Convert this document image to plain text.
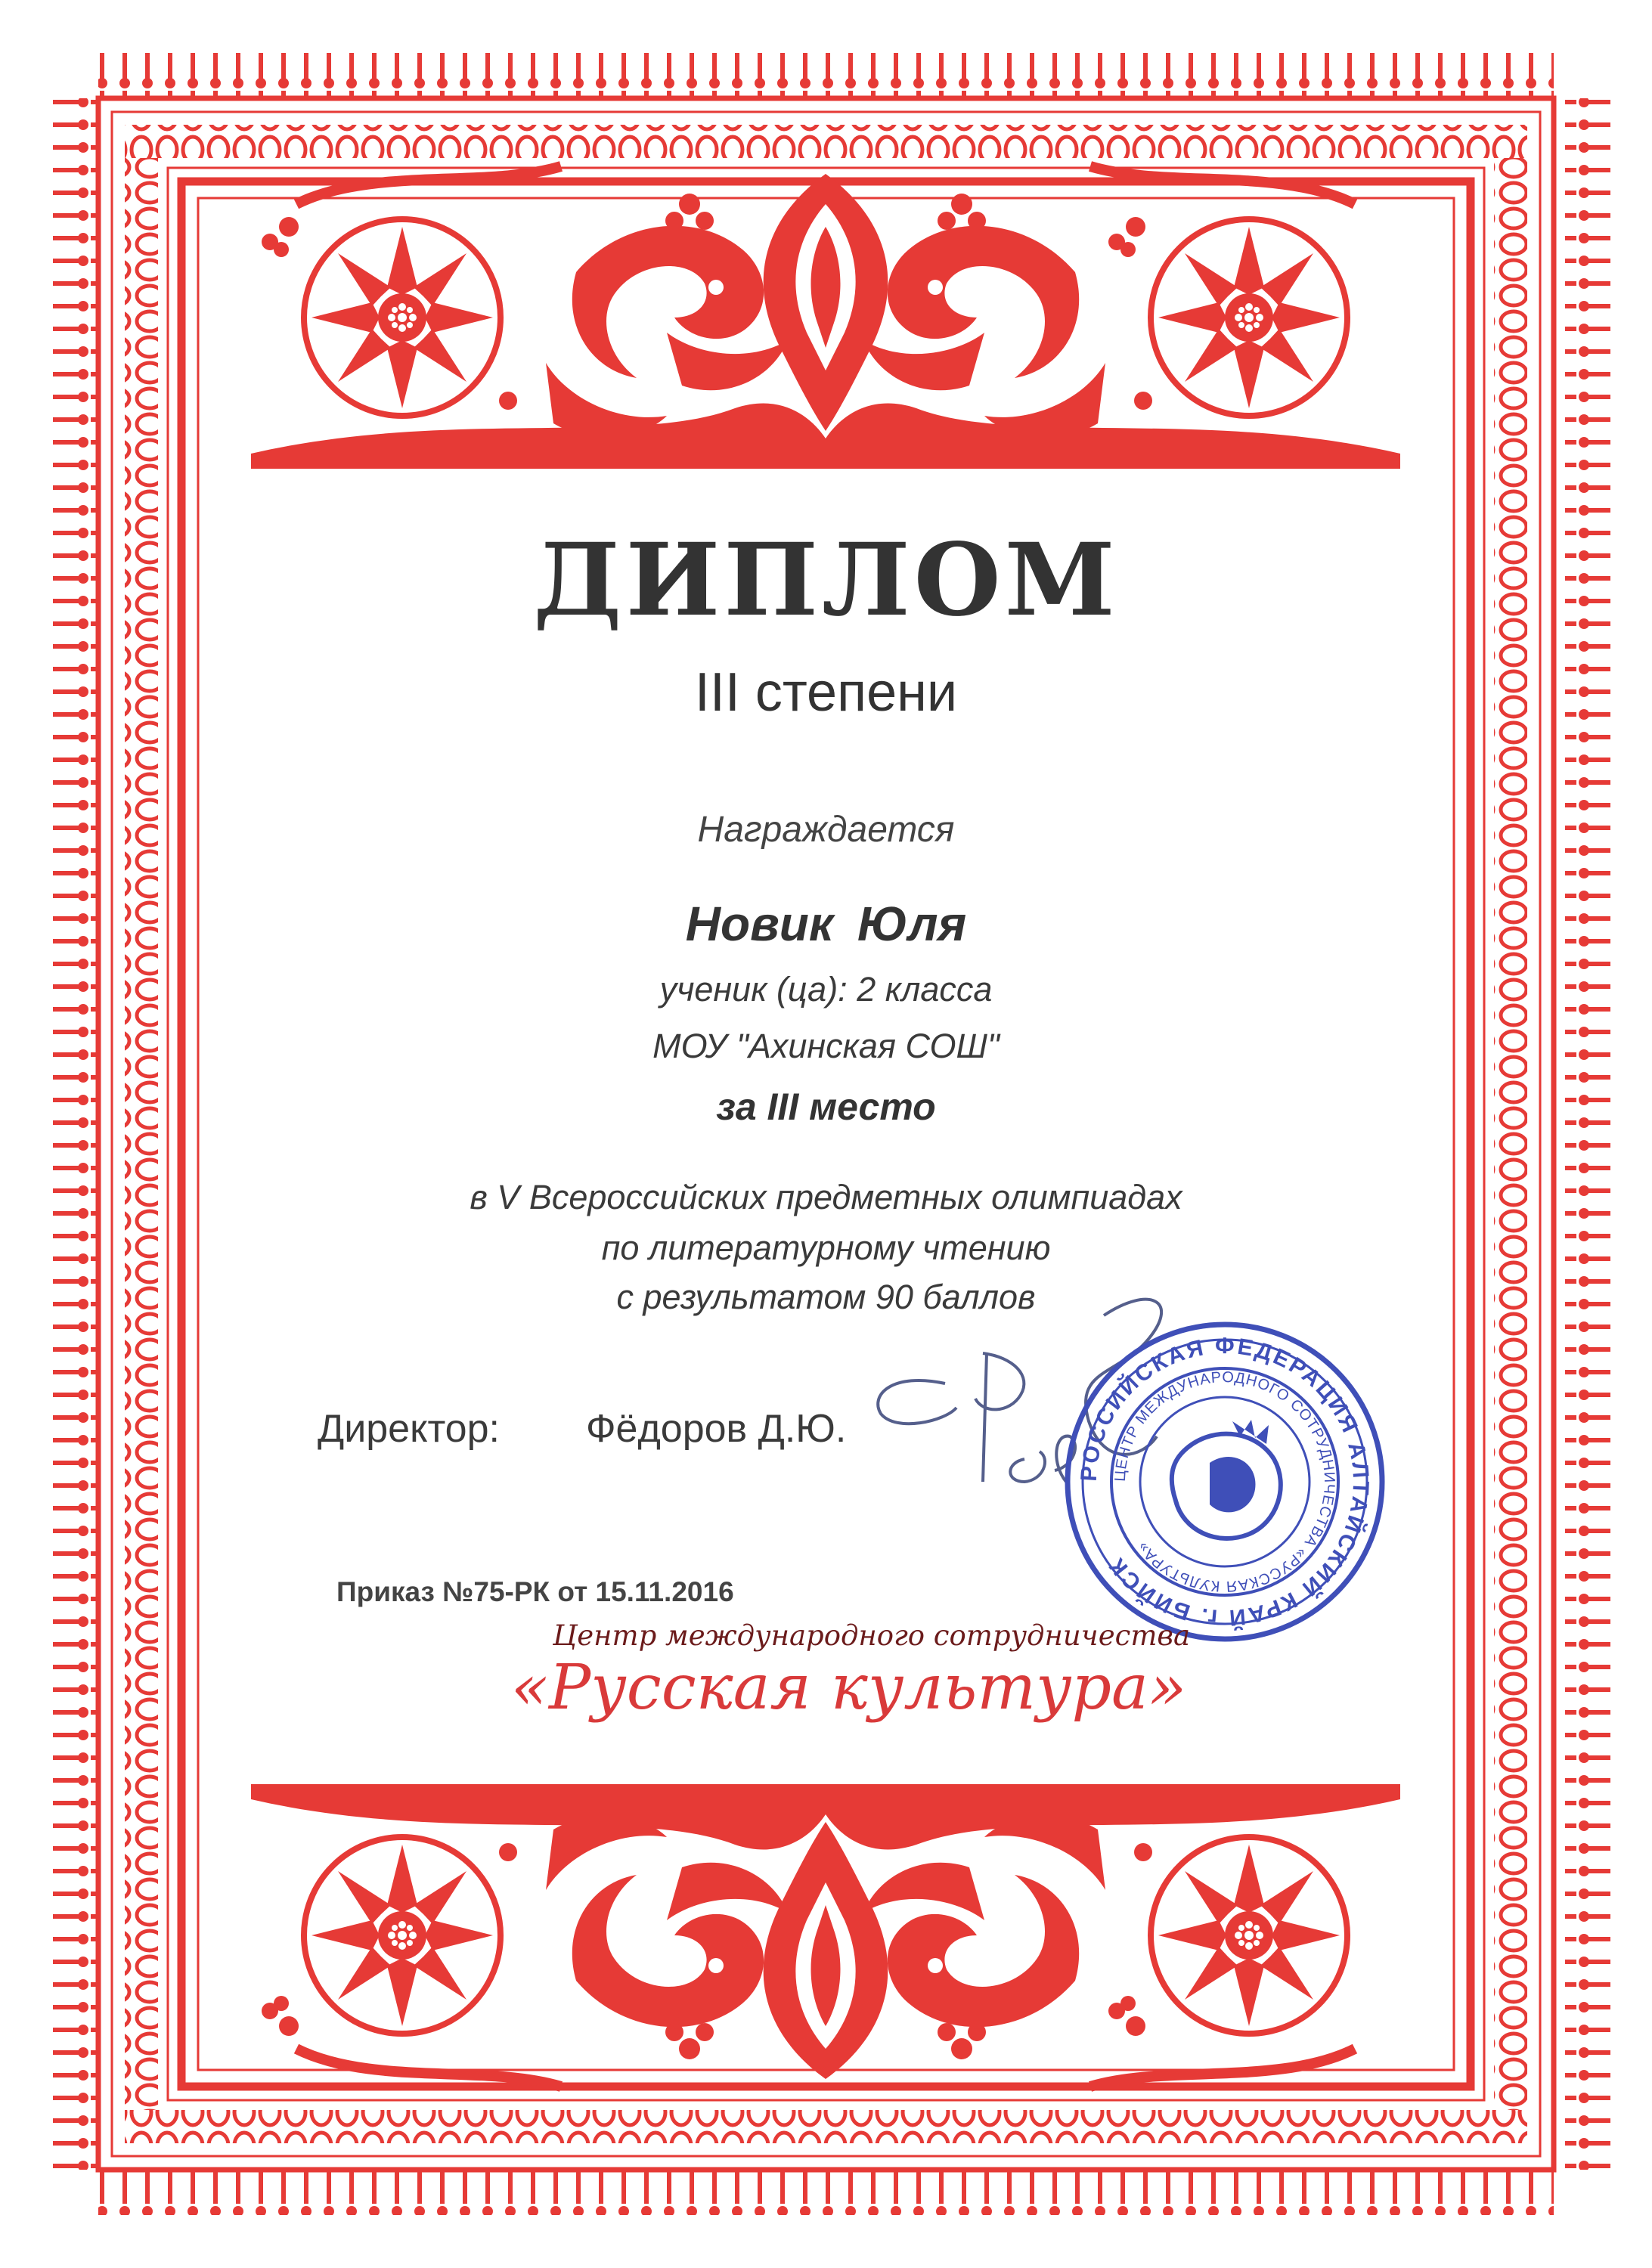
РОССИЙСКАЯ ФЕДЕРАЦИЯ АЛТАЙСКИЙ КРАЙ г. БИЙСК
ЦЕНТР МЕЖДУНАРОДНОГО СОТРУДНИЧЕСТВА «РУССКАЯ КУЛЬТУРА»
ДИПЛОМ
III степени
Награждается
Новик Юля
ученик (ца): 2 класса
МОУ "Ахинская СОШ"
за III место
в V Всероссийских предметных олимпиадах
по литературному чтению
с результатом 90 баллов
Директор: Фёдоров Д.Ю.
Приказ №75-РК от 15.11.2016
Центр международного сотрудничества
«Русская культура»
